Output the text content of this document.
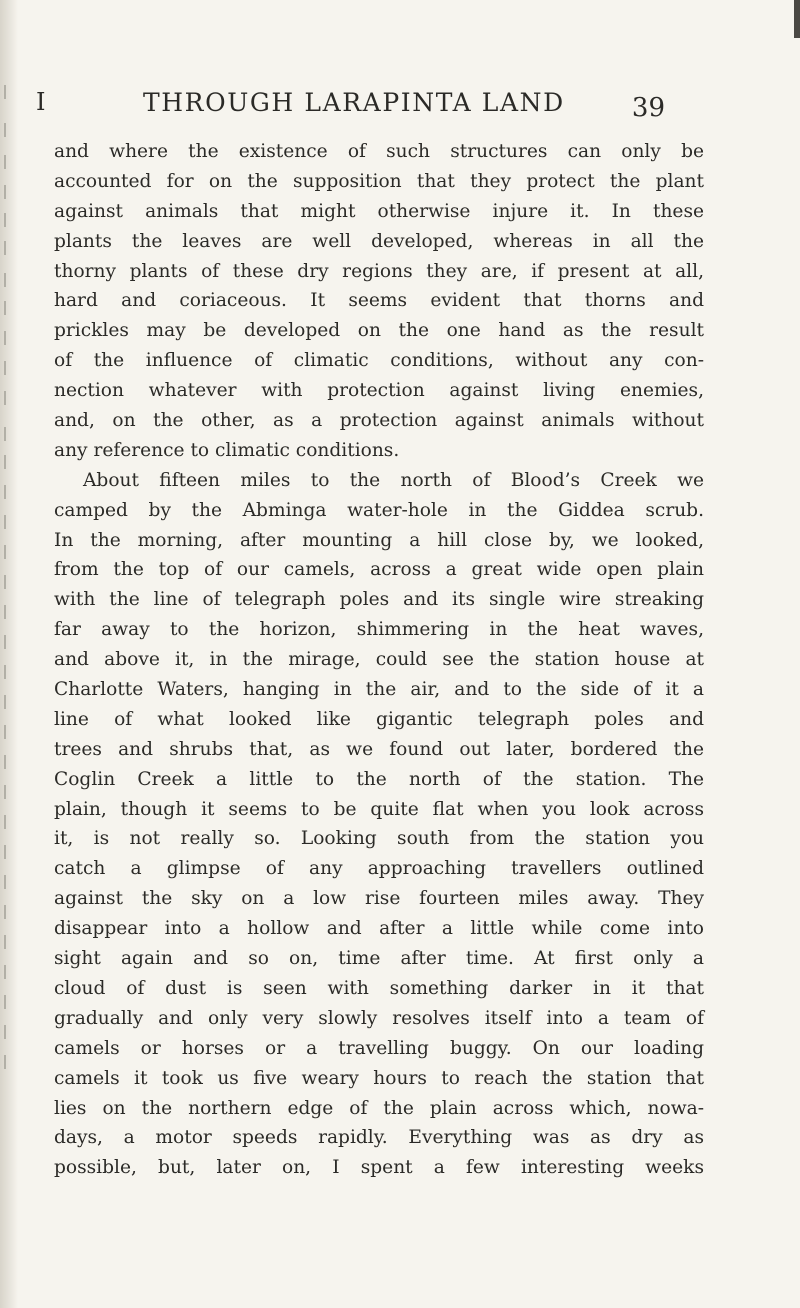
I	THROUGH LARAPINTA LAND	39
and where the existence of such structures can only be
accounted for on the supposition that they protect the plant
against animals that might otherwise injure it. In these
plants the leaves are well developed, whereas in all the
thorny plants of these dry regions they are, if present at all,
hard and coriaceous. It seems evident that thorns and
prickles may be developed on the one hand as the result
of the influence of climatic conditions, without any con-
nection whatever with protection against living enemies,
and, on the other, as a protection against animals without
any reference to climatic conditions.
About fifteen miles to the north of Blood’s Creek we
camped by the Abminga water-hole in the Giddea scrub.
In the morning, after mounting a hill close by, we looked,
from the top of our camels, across a great wide open plain
with the line of telegraph poles and its single wire streaking
far away to the horizon, shimmering in the heat waves,
and above it, in the mirage, could see the station house at
Charlotte Waters, hanging in the air, and to the side of it a
line of what looked like gigantic telegraph poles and
trees and shrubs that, as we found out later, bordered the
Coglin Creek a little to the north of the station. The
plain, though it seems to be quite flat when you look across
it, is not really so. Looking south from the station you
catch a glimpse of any approaching travellers outlined
against the sky on a low rise fourteen miles away. They
disappear into a hollow and after a little while come into
sight again and so on, time after time. At first only a
cloud of dust is seen with something darker in it that
gradually and only very slowly resolves itself into a team of
camels or horses or a travelling buggy. On our loading
camels it took us five weary hours to reach the station that
lies on the northern edge of the plain across which, nowa-
days, a motor speeds rapidly. Everything was as dry as
possible, but, later on, I spent a few interesting weeks
